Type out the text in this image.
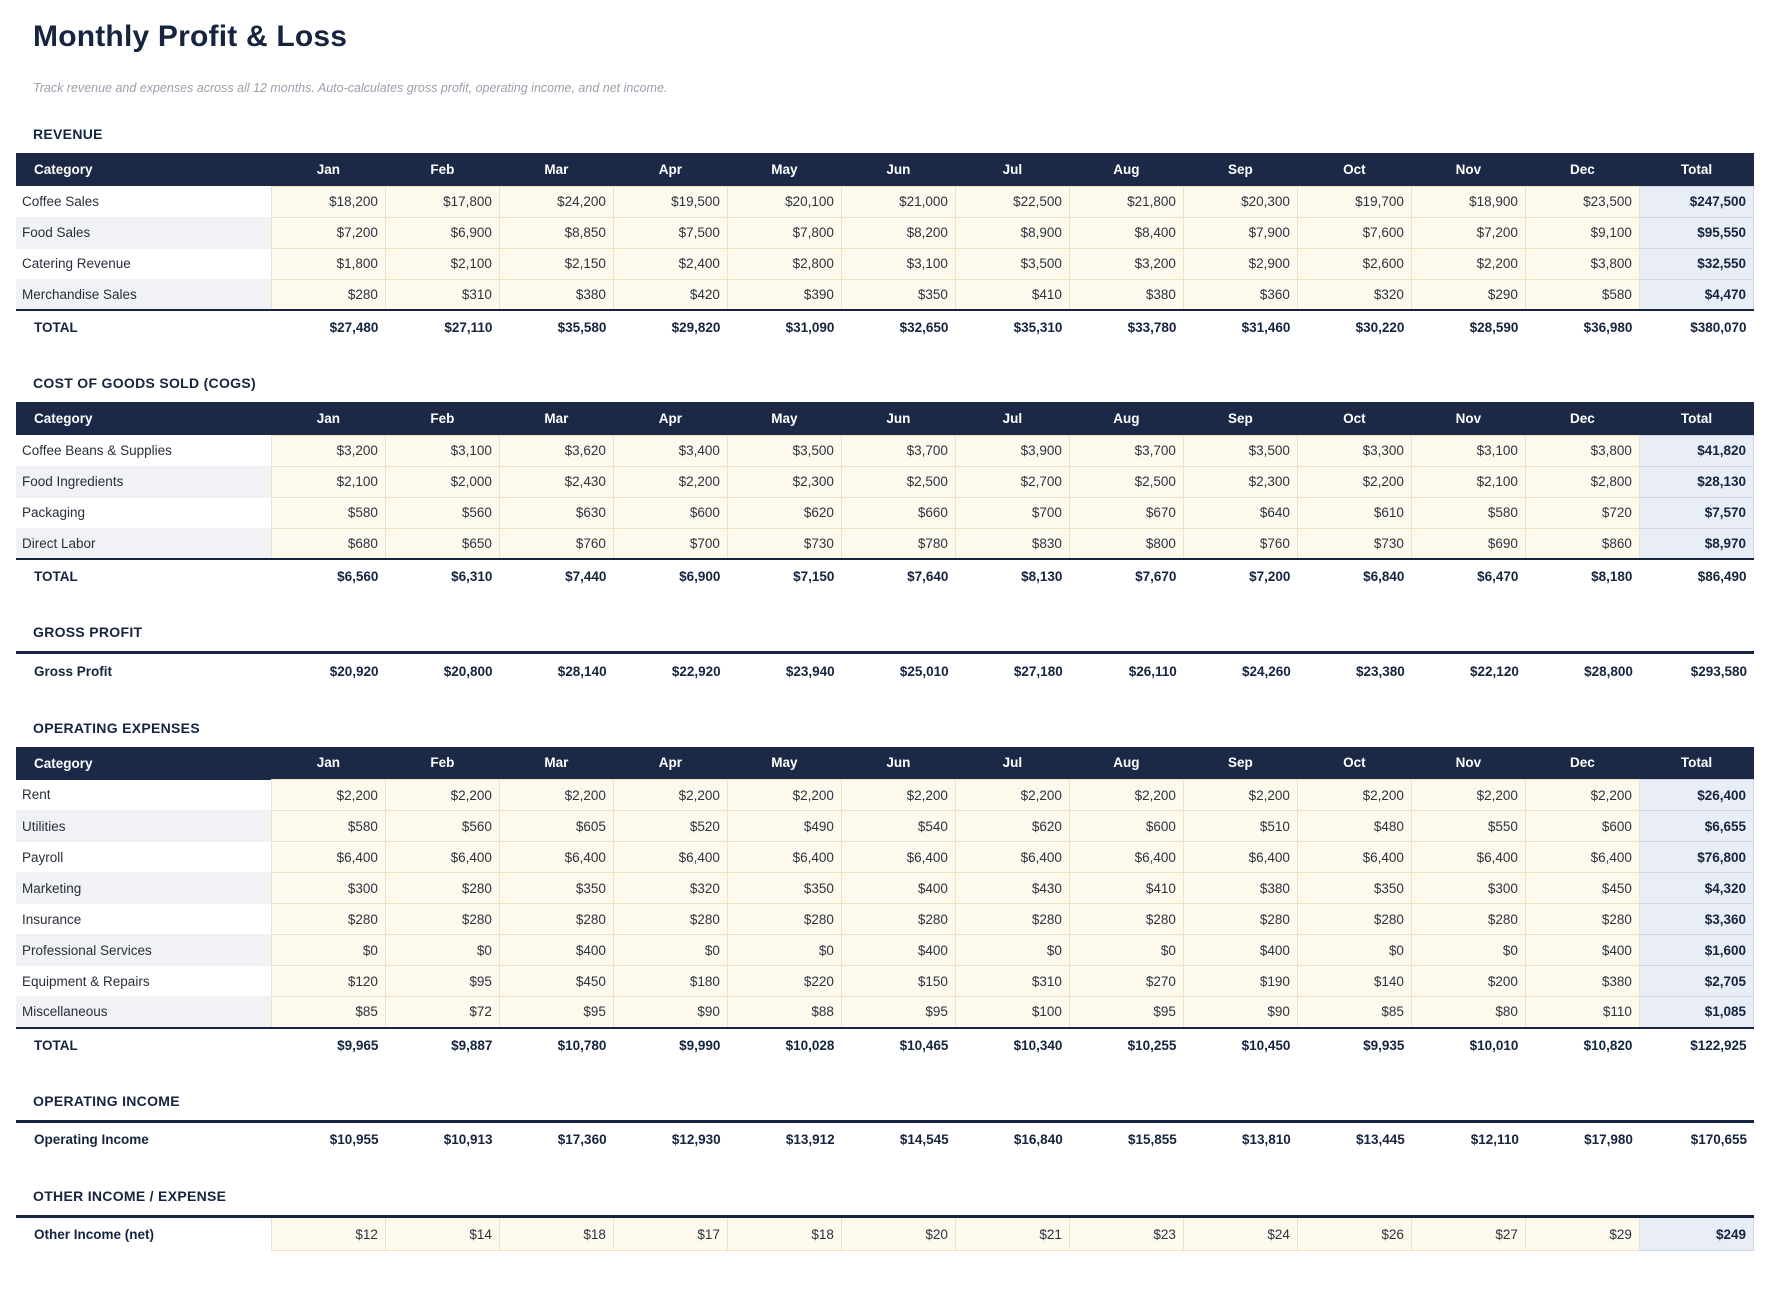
Monthly Profit & Loss

Track revenue and expenses across all 12 months. Auto-calculates gross profit, operating income, and net income.

REVENUE
Category	Jan	Feb	Mar	Apr	May	Jun	Jul	Aug	Sep	Oct	Nov	Dec	Total
Coffee Sales	$18,200	$17,800	$24,200	$19,500	$20,100	$21,000	$22,500	$21,800	$20,300	$19,700	$18,900	$23,500	$247,500
Food Sales	$7,200	$6,900	$8,850	$7,500	$7,800	$8,200	$8,900	$8,400	$7,900	$7,600	$7,200	$9,100	$95,550
Catering Revenue	$1,800	$2,100	$2,150	$2,400	$2,800	$3,100	$3,500	$3,200	$2,900	$2,600	$2,200	$3,800	$32,550
Merchandise Sales	$280	$310	$380	$420	$390	$350	$410	$380	$360	$320	$290	$580	$4,470
TOTAL	$27,480	$27,110	$35,580	$29,820	$31,090	$32,650	$35,310	$33,780	$31,460	$30,220	$28,590	$36,980	$380,070
COST OF GOODS SOLD (COGS)
Category	Jan	Feb	Mar	Apr	May	Jun	Jul	Aug	Sep	Oct	Nov	Dec	Total
Coffee Beans & Supplies	$3,200	$3,100	$3,620	$3,400	$3,500	$3,700	$3,900	$3,700	$3,500	$3,300	$3,100	$3,800	$41,820
Food Ingredients	$2,100	$2,000	$2,430	$2,200	$2,300	$2,500	$2,700	$2,500	$2,300	$2,200	$2,100	$2,800	$28,130
Packaging	$580	$560	$630	$600	$620	$660	$700	$670	$640	$610	$580	$720	$7,570
Direct Labor	$680	$650	$760	$700	$730	$780	$830	$800	$760	$730	$690	$860	$8,970
TOTAL	$6,560	$6,310	$7,440	$6,900	$7,150	$7,640	$8,130	$7,670	$7,200	$6,840	$6,470	$8,180	$86,490
GROSS PROFIT
Gross Profit	$20,920	$20,800	$28,140	$22,920	$23,940	$25,010	$27,180	$26,110	$24,260	$23,380	$22,120	$28,800	$293,580
OPERATING EXPENSES
Category	Jan	Feb	Mar	Apr	May	Jun	Jul	Aug	Sep	Oct	Nov	Dec	Total
Rent	$2,200	$2,200	$2,200	$2,200	$2,200	$2,200	$2,200	$2,200	$2,200	$2,200	$2,200	$2,200	$26,400
Utilities	$580	$560	$605	$520	$490	$540	$620	$600	$510	$480	$550	$600	$6,655
Payroll	$6,400	$6,400	$6,400	$6,400	$6,400	$6,400	$6,400	$6,400	$6,400	$6,400	$6,400	$6,400	$76,800
Marketing	$300	$280	$350	$320	$350	$400	$430	$410	$380	$350	$300	$450	$4,320
Insurance	$280	$280	$280	$280	$280	$280	$280	$280	$280	$280	$280	$280	$3,360
Professional Services	$0	$0	$400	$0	$0	$400	$0	$0	$400	$0	$0	$400	$1,600
Equipment & Repairs	$120	$95	$450	$180	$220	$150	$310	$270	$190	$140	$200	$380	$2,705
Miscellaneous	$85	$72	$95	$90	$88	$95	$100	$95	$90	$85	$80	$110	$1,085
TOTAL	$9,965	$9,887	$10,780	$9,990	$10,028	$10,465	$10,340	$10,255	$10,450	$9,935	$10,010	$10,820	$122,925
OPERATING INCOME
Operating Income	$10,955	$10,913	$17,360	$12,930	$13,912	$14,545	$16,840	$15,855	$13,810	$13,445	$12,110	$17,980	$170,655
OTHER INCOME / EXPENSE
Other Income (net)	$12	$14	$18	$17	$18	$20	$21	$23	$24	$26	$27	$29	$249
